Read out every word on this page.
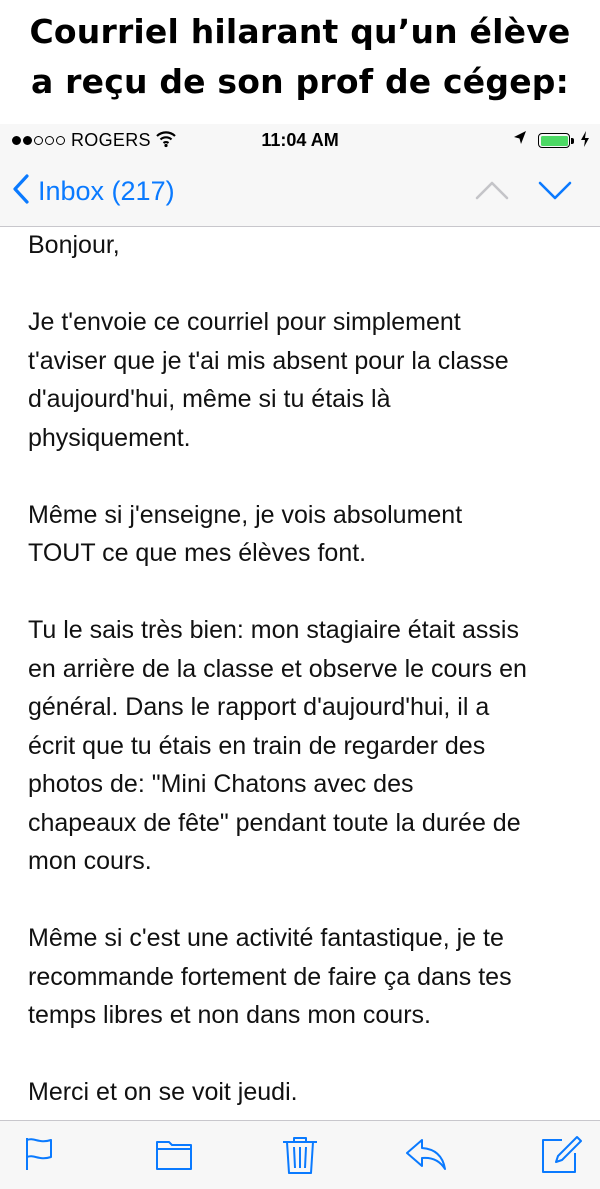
Courriel hilarant qu’un élève
a reçu de son prof de cégep:
ROGERS	11:04 AM
Inbox (217)

Bonjour,

Je t'envoie ce courriel pour simplement
t'aviser que je t'ai mis absent pour la classe
d'aujourd'hui, même si tu étais là
physiquement.

Même si j'enseigne, je vois absolument
TOUT ce que mes élèves font.

Tu le sais très bien: mon stagiaire était assis
en arrière de la classe et observe le cours en
général. Dans le rapport d'aujourd'hui, il a
écrit que tu étais en train de regarder des
photos de: "Mini Chatons avec des
chapeaux de fête" pendant toute la durée de
mon cours.

Même si c'est une activité fantastique, je te
recommande fortement de faire ça dans tes
temps libres et non dans mon cours.

Merci et on se voit jeudi.
